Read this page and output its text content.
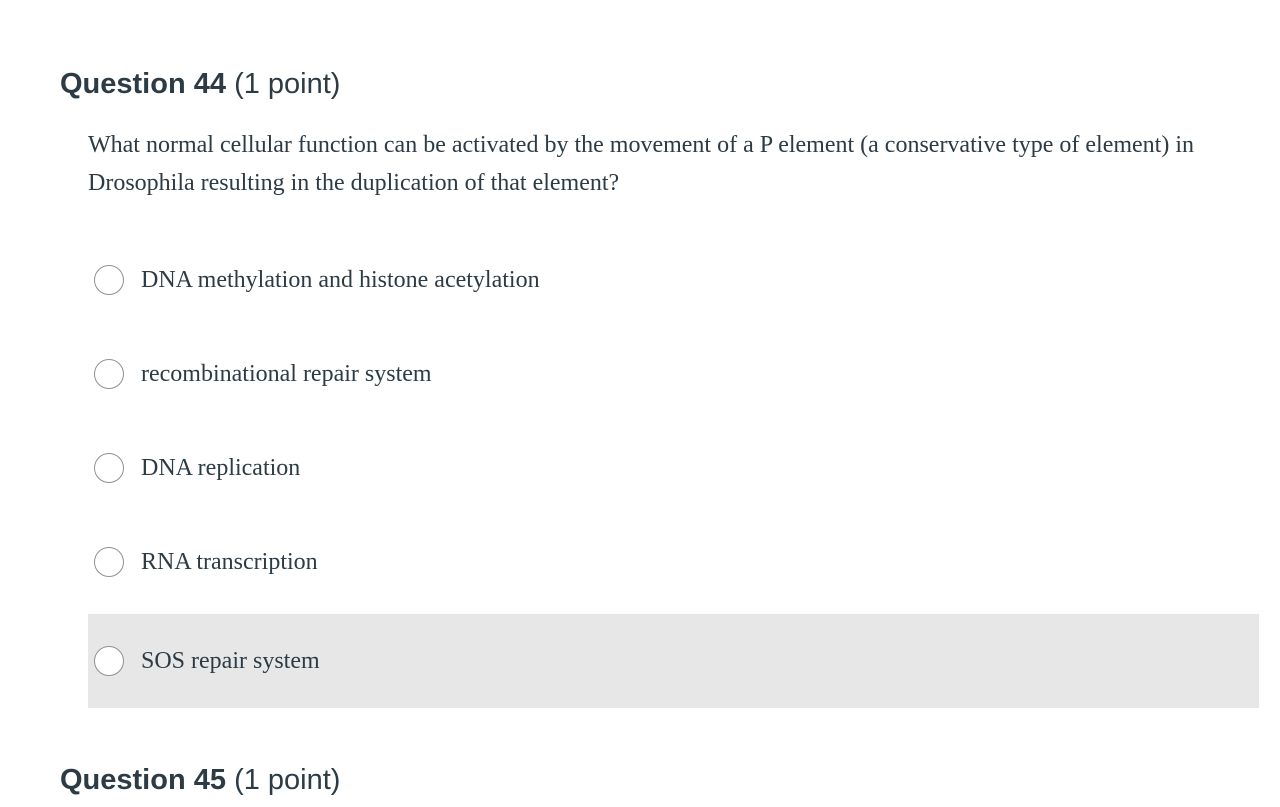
Question 44 (1 point)
What normal cellular function can be activated by the movement of a P element (a conservative type of element) in Drosophila resulting in the duplication of that element?
DNA methylation and histone acetylation
recombinational repair system
DNA replication
RNA transcription
SOS repair system
Question 45 (1 point)
